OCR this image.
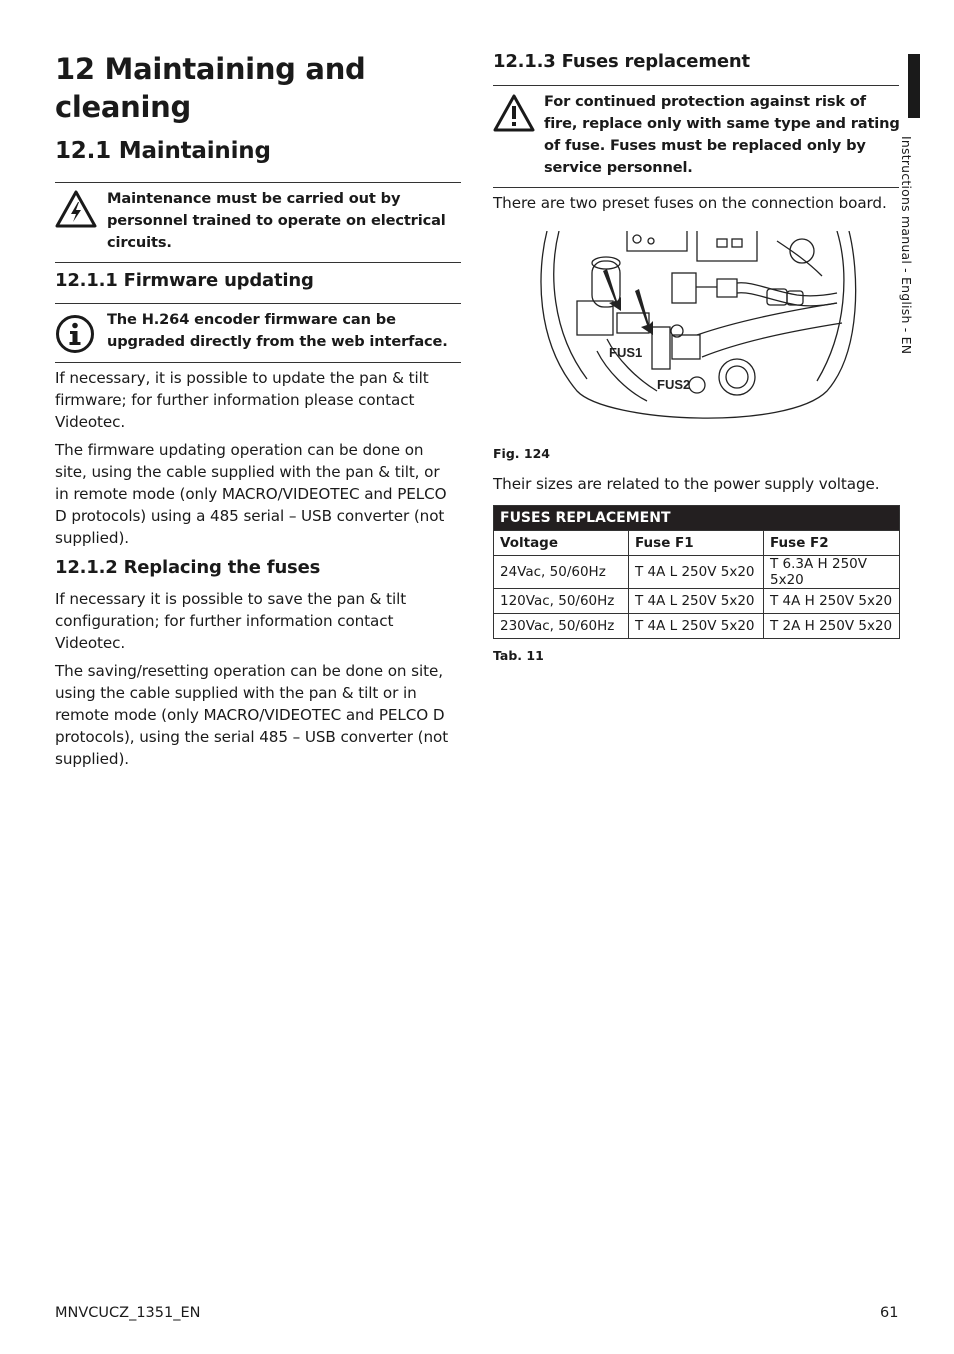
12 Maintaining and cleaning
12.1 Maintaining
Maintenance must be carried out by personnel trained to operate on electrical circuits.
12.1.1 Firmware updating
The H.264 encoder firmware can be upgraded directly from the web interface.
If necessary, it is possible to update the pan & tilt firmware; for further information please contact Videotec.
The firmware updating operation can be done on site, using the cable supplied with the pan & tilt, or in remote mode (only MACRO/VIDEOTEC and PELCO D protocols) using a 485 serial – USB converter (not supplied).
12.1.2 Replacing the fuses
If necessary it is possible to save the pan & tilt configuration; for further information contact Videotec.
The saving/resetting operation can be done on site, using the cable supplied with the pan & tilt or in remote mode (only MACRO/VIDEOTEC and PELCO D protocols), using the serial 485 – USB converter (not supplied).
12.1.3 Fuses replacement
For continued protection against risk of fire, replace only with same type and rating of fuse. Fuses must be replaced only by service personnel.
There are two preset fuses on the connection board.
FUS1
FUS2
Fig. 124
Their sizes are related to the power supply voltage.
FUSES REPLACEMENT		
Voltage	Fuse F1	Fuse F2
24Vac, 50/60Hz	T 4A L 250V 5x20	T 6.3A H 250V 5x20
120Vac, 50/60Hz	T 4A L 250V 5x20	T 4A H 250V 5x20
230Vac, 50/60Hz	T 4A L 250V 5x20	T 2A H 250V 5x20
Tab. 11
Instructions manual - English - EN
MNVCUCZ_1351_EN	61
